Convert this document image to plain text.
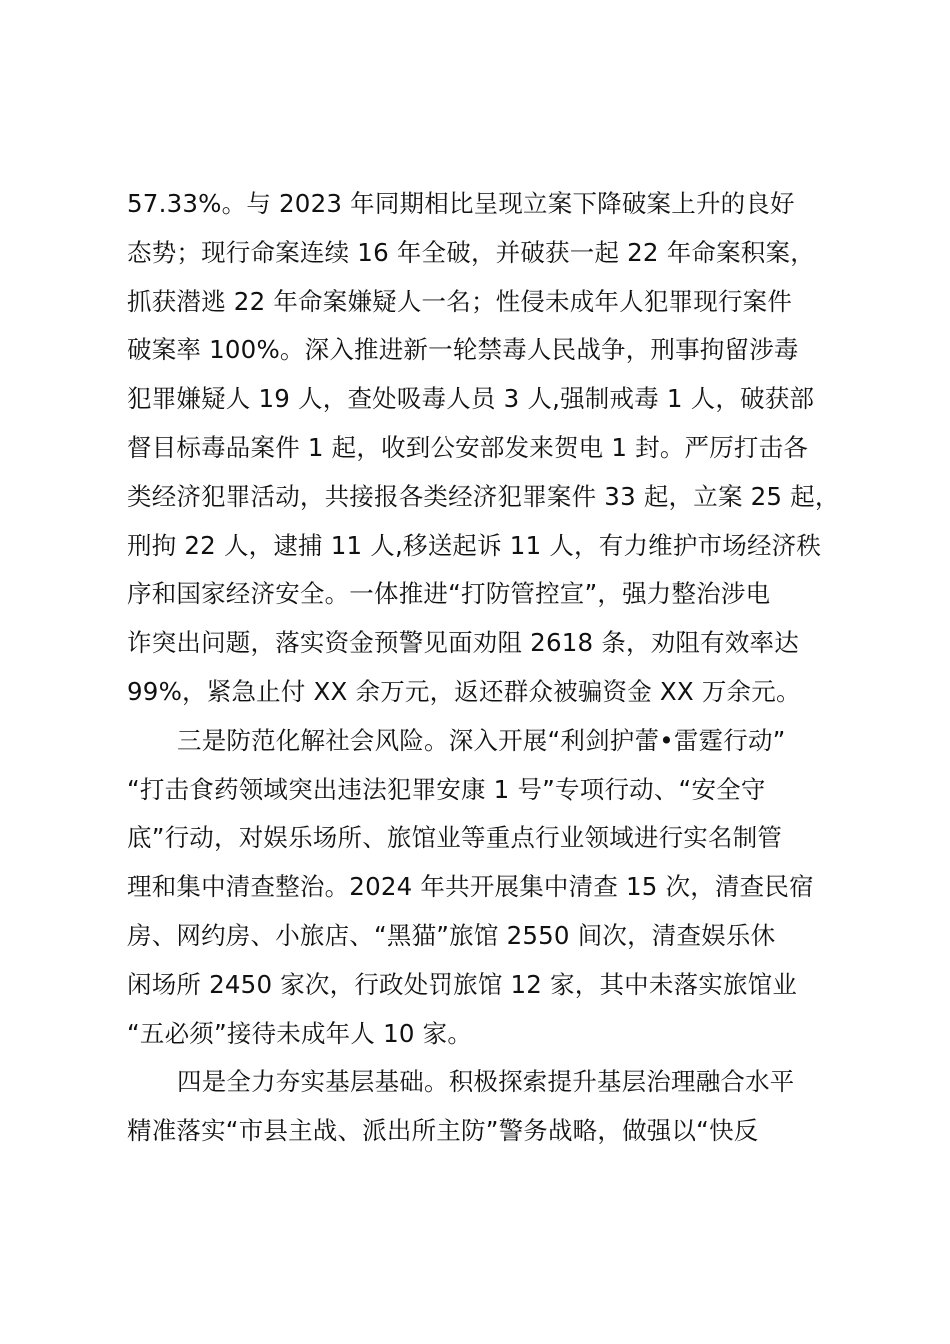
57.33%。与 2023 年同期相比呈现立案下降破案上升的良好
态势；现行命案连续 16 年全破，并破获一起 22 年命案积案，
抓获潜逃 22 年命案嫌疑人一名；性侵未成年人犯罪现行案件
破案率 100%。深入推进新一轮禁毒人民战争，刑事拘留涉毒
犯罪嫌疑人 19 人，查处吸毒人员 3 人,强制戒毒 1 人，破获部
督目标毒品案件 1 起，收到公安部发来贺电 1 封。严厉打击各
类经济犯罪活动，共接报各类经济犯罪案件 33 起，立案 25 起，
刑拘 22 人，逮捕 11 人,移送起诉 11 人，有力维护市场经济秩
序和国家经济安全。一体推进“打防管控宣”，强力整治涉电
诈突出问题，落实资金预警见面劝阻 2618 条，劝阻有效率达
99%，紧急止付 XX 余万元，返还群众被骗资金 XX 万余元。
三是防范化解社会风险。深入开展“利剑护蕾•雷霆行动”
“打击食药领域突出违法犯罪安康 1 号”专项行动、“安全守
底”行动，对娱乐场所、旅馆业等重点行业领域进行实名制管
理和集中清查整治。2024 年共开展集中清查 15 次，清查民宿
房、网约房、小旅店、“黑猫”旅馆 2550 间次，清查娱乐休
闲场所 2450 家次，行政处罚旅馆 12 家，其中未落实旅馆业
“五必须”接待未成年人 10 家。
四是全力夯实基层基础。积极探索提升基层治理融合水平
精准落实“市县主战、派出所主防”警务战略，做强以“快反
